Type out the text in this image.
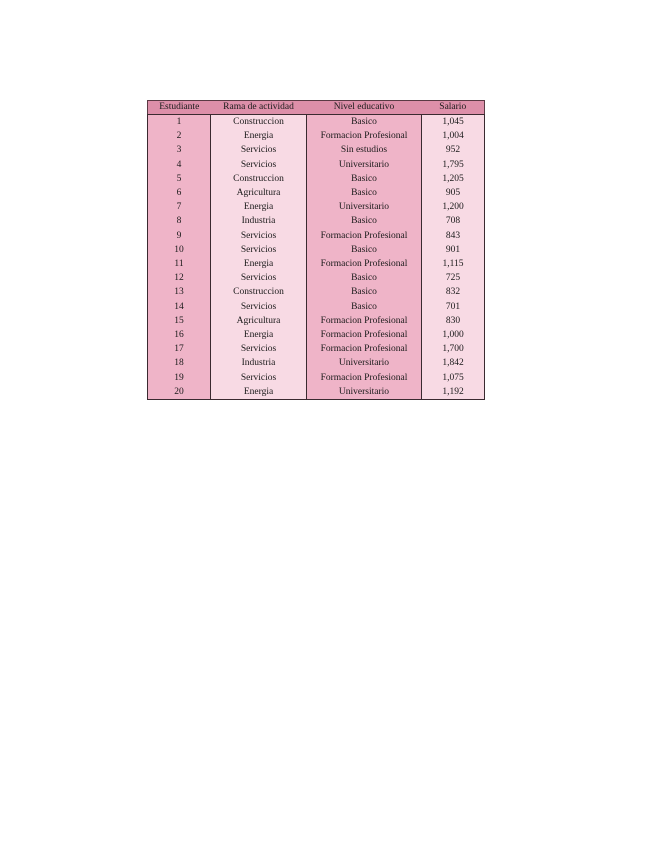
Estudiante	Rama de actividad	Nivel educativo	Salario
1	Construccion	Basico	1,045
2	Energia	Formacion Profesional	1,004
3	Servicios	Sin estudios	952
4	Servicios	Universitario	1,795
5	Construccion	Basico	1,205
6	Agricultura	Basico	905
7	Energia	Universitario	1,200
8	Industria	Basico	708
9	Servicios	Formacion Profesional	843
10	Servicios	Basico	901
11	Energia	Formacion Profesional	1,115
12	Servicios	Basico	725
13	Construccion	Basico	832
14	Servicios	Basico	701
15	Agricultura	Formacion Profesional	830
16	Energia	Formacion Profesional	1,000
17	Servicios	Formacion Profesional	1,700
18	Industria	Universitario	1,842
19	Servicios	Formacion Profesional	1,075
20	Energia	Universitario	1,192
